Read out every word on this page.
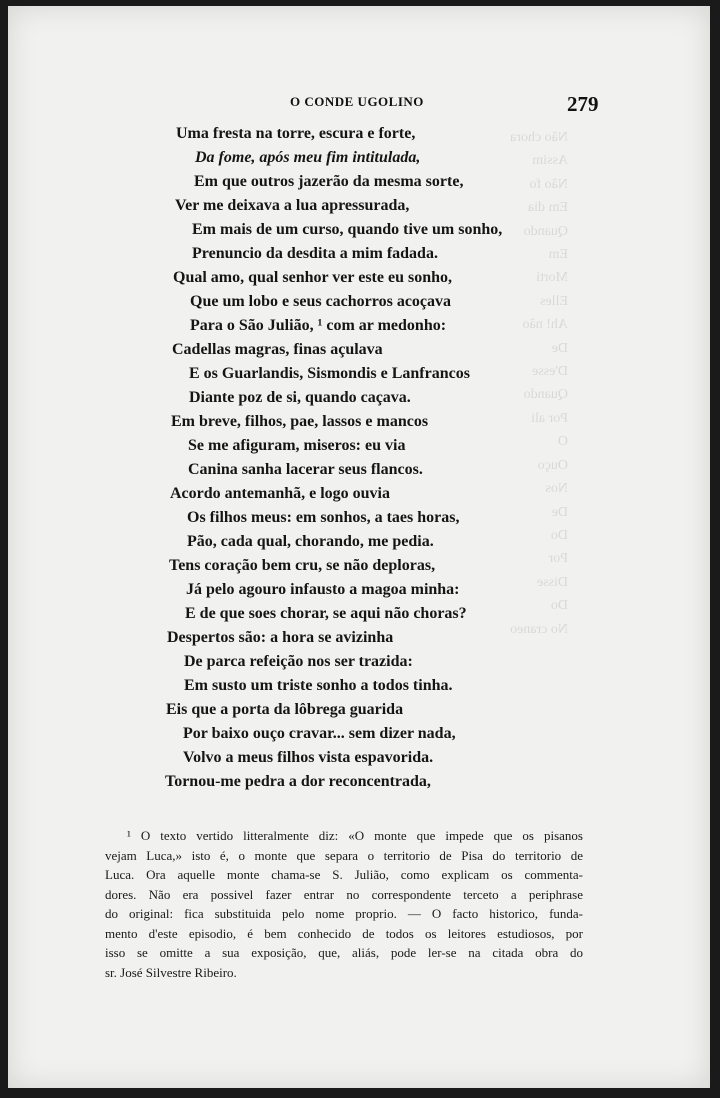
Não chora
Assim
Não fo
Em dia
Quando
Em
Morti
Elles
Ah! não
De
D'esse
Quando
Por ali
O
Ouço
Nos
De
Do
Por
Disse
Do
No craneo
O CONDE UGOLINO	279
Uma fresta na torre, escura e forte,
Da fome, após meu fim intitulada,
Em que outros jazerão da mesma sorte,
Ver me deixava a lua apressurada,
Em mais de um curso, quando tive um sonho,
Prenuncio da desdita a mim fadada.
Qual amo, qual senhor ver este eu sonho,
Que um lobo e seus cachorros acoçava
Para o São Julião, ¹ com ar medonho:
Cadellas magras, finas açulava
E os Guarlandis, Sismondis e Lanfrancos
Diante poz de si, quando caçava.
Em breve, filhos, pae, lassos e mancos
Se me afiguram, miseros: eu via
Canina sanha lacerar seus flancos.
Acordo antemanhã, e logo ouvia
Os filhos meus: em sonhos, a taes horas,
Pão, cada qual, chorando, me pedia.
Tens coração bem cru, se não deploras,
Já pelo agouro infausto a magoa minha:
E de que soes chorar, se aqui não choras?
Despertos são: a hora se avizinha
De parca refeição nos ser trazida:
Em susto um triste sonho a todos tinha.
Eis que a porta da lôbrega guarida
Por baixo ouço cravar... sem dizer nada,
Volvo a meus filhos vista espavorida.
Tornou-me pedra a dor reconcentrada,
¹ O texto vertido litteralmente diz: «O monte que impede que os pisanos
vejam Luca,» isto é, o monte que separa o territorio de Pisa do territorio de
Luca. Ora aquelle monte chama-se S. Julião, como explicam os commenta-
dores. Não era possivel fazer entrar no correspondente terceto a periphrase
do original: fica substituida pelo nome proprio. — O facto historico, funda-
mento d'este episodio, é bem conhecido de todos os leitores estudiosos, por
isso se omitte a sua exposição, que, aliás, pode ler-se na citada obra do
sr. José Silvestre Ribeiro.
